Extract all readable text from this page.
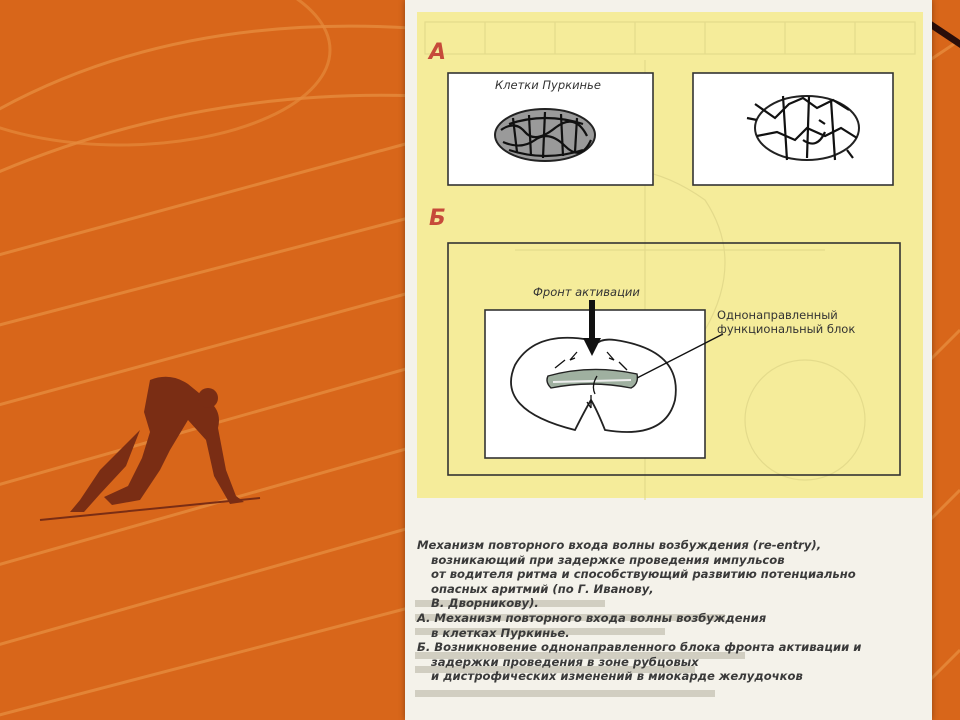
Клетки Пуркинье
Фронт активации
Однонаправленный
функциональный блок
А
Б
Механизм повторного входа волны возбуждения (re-entry),
возникающий при задержке проведения импульсов
от водителя ритма и способствующий развитию потенциально
опасных аритмий (по Г. Иванову,
В. Дворникову).
А. Механизм повторного входа волны возбуждения
в клетках Пуркинье.
Б. Возникновение однонаправленного блока фронта активации и
задержки проведения в зоне рубцовых
и дистрофических изменений в миокарде желудочков
